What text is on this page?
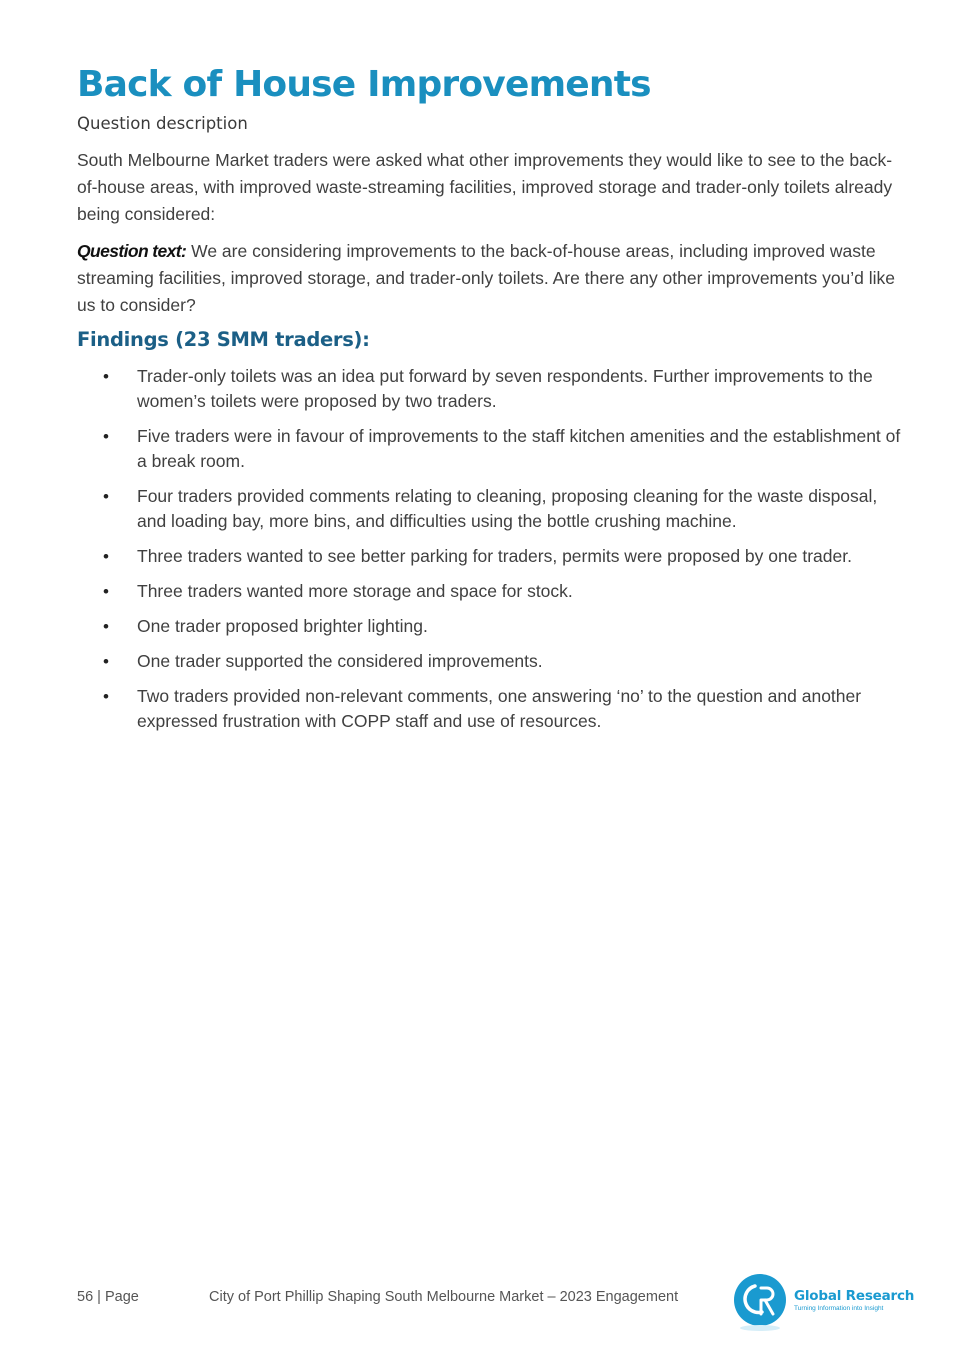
Back of House Improvements
Question description

South Melbourne Market traders were asked what other improvements they would like to see to the back-of-house areas, with improved waste-streaming facilities, improved storage and trader-only toilets already being considered:

Question text: We are considering improvements to the back-of-house areas, including improved waste streaming facilities, improved storage, and trader-only toilets. Are there any other improvements you’d like us to consider?

Findings (23 SMM traders):
• Trader-only toilets was an idea put forward by seven respondents. Further improvements to the women’s toilets were proposed by two traders.
• Five traders were in favour of improvements to the staff kitchen amenities and the establishment of a break room.
• Four traders provided comments relating to cleaning, proposing cleaning for the waste disposal, and loading bay, more bins, and difficulties using the bottle crushing machine.
• Three traders wanted to see better parking for traders, permits were proposed by one trader.
• Three traders wanted more storage and space for stock.
• One trader proposed brighter lighting.
• One trader supported the considered improvements.
• Two traders provided non-relevant comments, one answering ‘no’ to the question and another expressed frustration with COPP staff and use of resources.
56 | Page	City of Port Phillip Shaping South Melbourne Market – 2023 Engagement	Global Research
Turning Information into Insight
